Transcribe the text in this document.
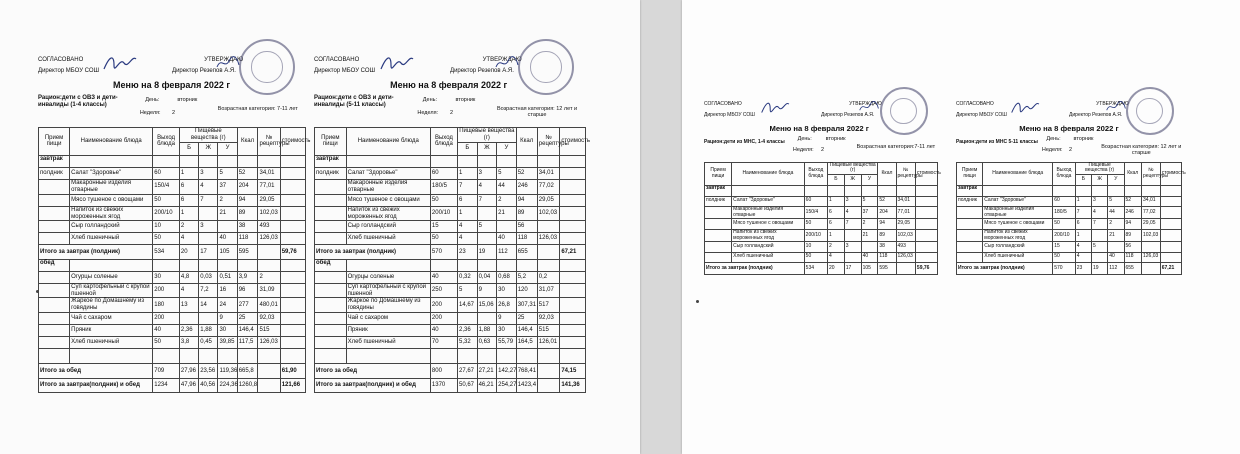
СОГЛАСОВАНО
Директор МБОУ СОШ
УТВЕРЖДАЮ
Директор Резепов А.Я.
Меню на 8 февраля 2022 г
Рацион:дети с ОВЗ и дети-инвалиды (1-4 классы)
День:	вторник
Неделя: 2
Возрастная категория: 7-11 лет
Прием пищи	Наименование блюда	Выход блюда	Пищевые вещества (г)			Ккал	№ рецептуры	стоимость
			Б	Ж	У			
завтрак								
полдник	Салат "Здоровье"	60	1	3	5	52	34,01	
	Макаронные изделия отварные	150/4	6	4	37	204	77,01	
	Мясо тушеное с овощами	50	6	7	2	94	29,05	
	Напиток из свежих мороженных ягод	200/10	1		21	89	102,03	
	Сыр голландский	10	2	3		38	493	
	Хлеб пшеничный	50	4		40	118	126,03	
Итого за завтрак (полдник)		534	20	17	105	595		59,76
обед								
	Огурцы соленые	30	4,8	0,03	0,51	3,9	2	
	Суп картофельный с крупой пшенной	200	4	7,2	16	96	31,09	
	Жаркое по Домашнему из говядины	180	13	14	24	277	480,01	
	Чай с сахаром	200			9	25	92,03	
	Пряник	40	2,36	1,88	30	146,4	515	
	Хлеб пшеничный	50	3,8	0,45	39,85	117,5	126,03	

Итого за обед		709	27,96	23,56	119,36	665,8		61,90
Итого за завтрак(полдник) и обед		1234	47,96	40,56	224,36	1260,8		121,66
СОГЛАСОВАНО
Директор МБОУ СОШ
УТВЕРЖДАЮ
Директор Резепов А.Я.
Меню на 8 февраля 2022 г
Рацион:дети с ОВЗ и дети-инвалиды (5-11 классы)
День:	вторник
Неделя: 2
Возрастная категория: 12 лет и старше
Прием пищи	Наименование блюда	Выход блюда	Пищевые вещества (г)			Ккал	№ рецептуры	стоимость
			Б	Ж	У			
завтрак								
полдник	Салат "Здоровье"	60	1	3	5	52	34,01	
	Макаронные изделия отварные	180/5	7	4	44	246	77,02	
	Мясо тушеное с овощами	50	6	7	2	94	29,05	
	Напиток из свежих мороженных ягод	200/10	1		21	89	102,03	
	Сыр голландский	15	4	5		56		
	Хлеб пшеничный	50	4		40	118	126,03	
Итого за завтрак (полдник)		570	23	19	112	655		67,21
обед								
	Огурцы соленые	40	0,32	0,04	0,68	5,2	0,2	
	Суп картофельный с крупой пшенной	250	5	9	30	120	31,07	
	Жаркое по Домашнему из говядины	200	14,67	15,06	26,8	307,31	517	
	Чай с сахаром	200			9	25	92,03	
	Пряник	40	2,36	1,88	30	146,4	515	
	Хлеб пшеничный	70	5,32	0,63	55,79	164,5	126,01	

Итого за обед		800	27,67	27,21	142,27	768,41		74,15
Итого за завтрак(полдник) и обед		1370	50,67	46,21	254,27	1423,4		141,36
СОГЛАСОВАНО
Директор МБОУ СОШ
УТВЕРЖДАЮ
Директор Резепов А.Я.
Меню на 8 февраля 2022 г
Рацион:дети из МНС, 1-4 классы	День:	вторник
Неделя: 2
Возрастная категория:7-11 лет
Прием пищи	Наименование блюда	Выход блюда	Пищевые вещества (г)			Ккал	№ рецептуры	стоимость
			Б	Ж	У			
завтрак								
полдник	Салат "Здоровье"	60	1	3	5	52	34,01	
	Макаронные изделия отварные	150/4	6	4	37	204	77,01	
	Мясо тушеное с овощами	50	6	7	2	94	29,05	
	Напиток из свежих мороженных ягод	200/10	1		21	89	102,03	
	Сыр голландский	10	2	3		38	493	
	Хлеб пшеничный	50	4		40	118	126,03	
Итого за завтрак (полдник)		534	20	17	105	595		59,76
СОГЛАСОВАНО
Директор МБОУ СОШ
УТВЕРЖДАЮ
Директор Резепов А.Я.
Меню на 8 февраля 2022 г
Рацион:дети из МНС 5-11 классы	День: вторник
Неделя: 2
Возрастная категория: 12 лет и старше
Прием пищи	Наименование блюда	Выход блюда	Пищевые вещества (г)			Ккал	№ рецептуры	стоимость
			Б	Ж	У			
завтрак								
полдник	Салат "Здоровье"	60	1	3	5	52	34,01	
	Макаронные изделия отварные	180/5	7	4	44	246	77,02	
	Мясо тушеное с овощами	50	6	7	2	94	29,05	
	Напиток из свежих мороженных ягод	200/10	1		21	89	102,03	
	Сыр голландский	15	4	5		56		
	Хлеб пшеничный	50	4		40	118	126,03	
Итого за завтрак (полдник)		570	23	19	112	655		67,21
